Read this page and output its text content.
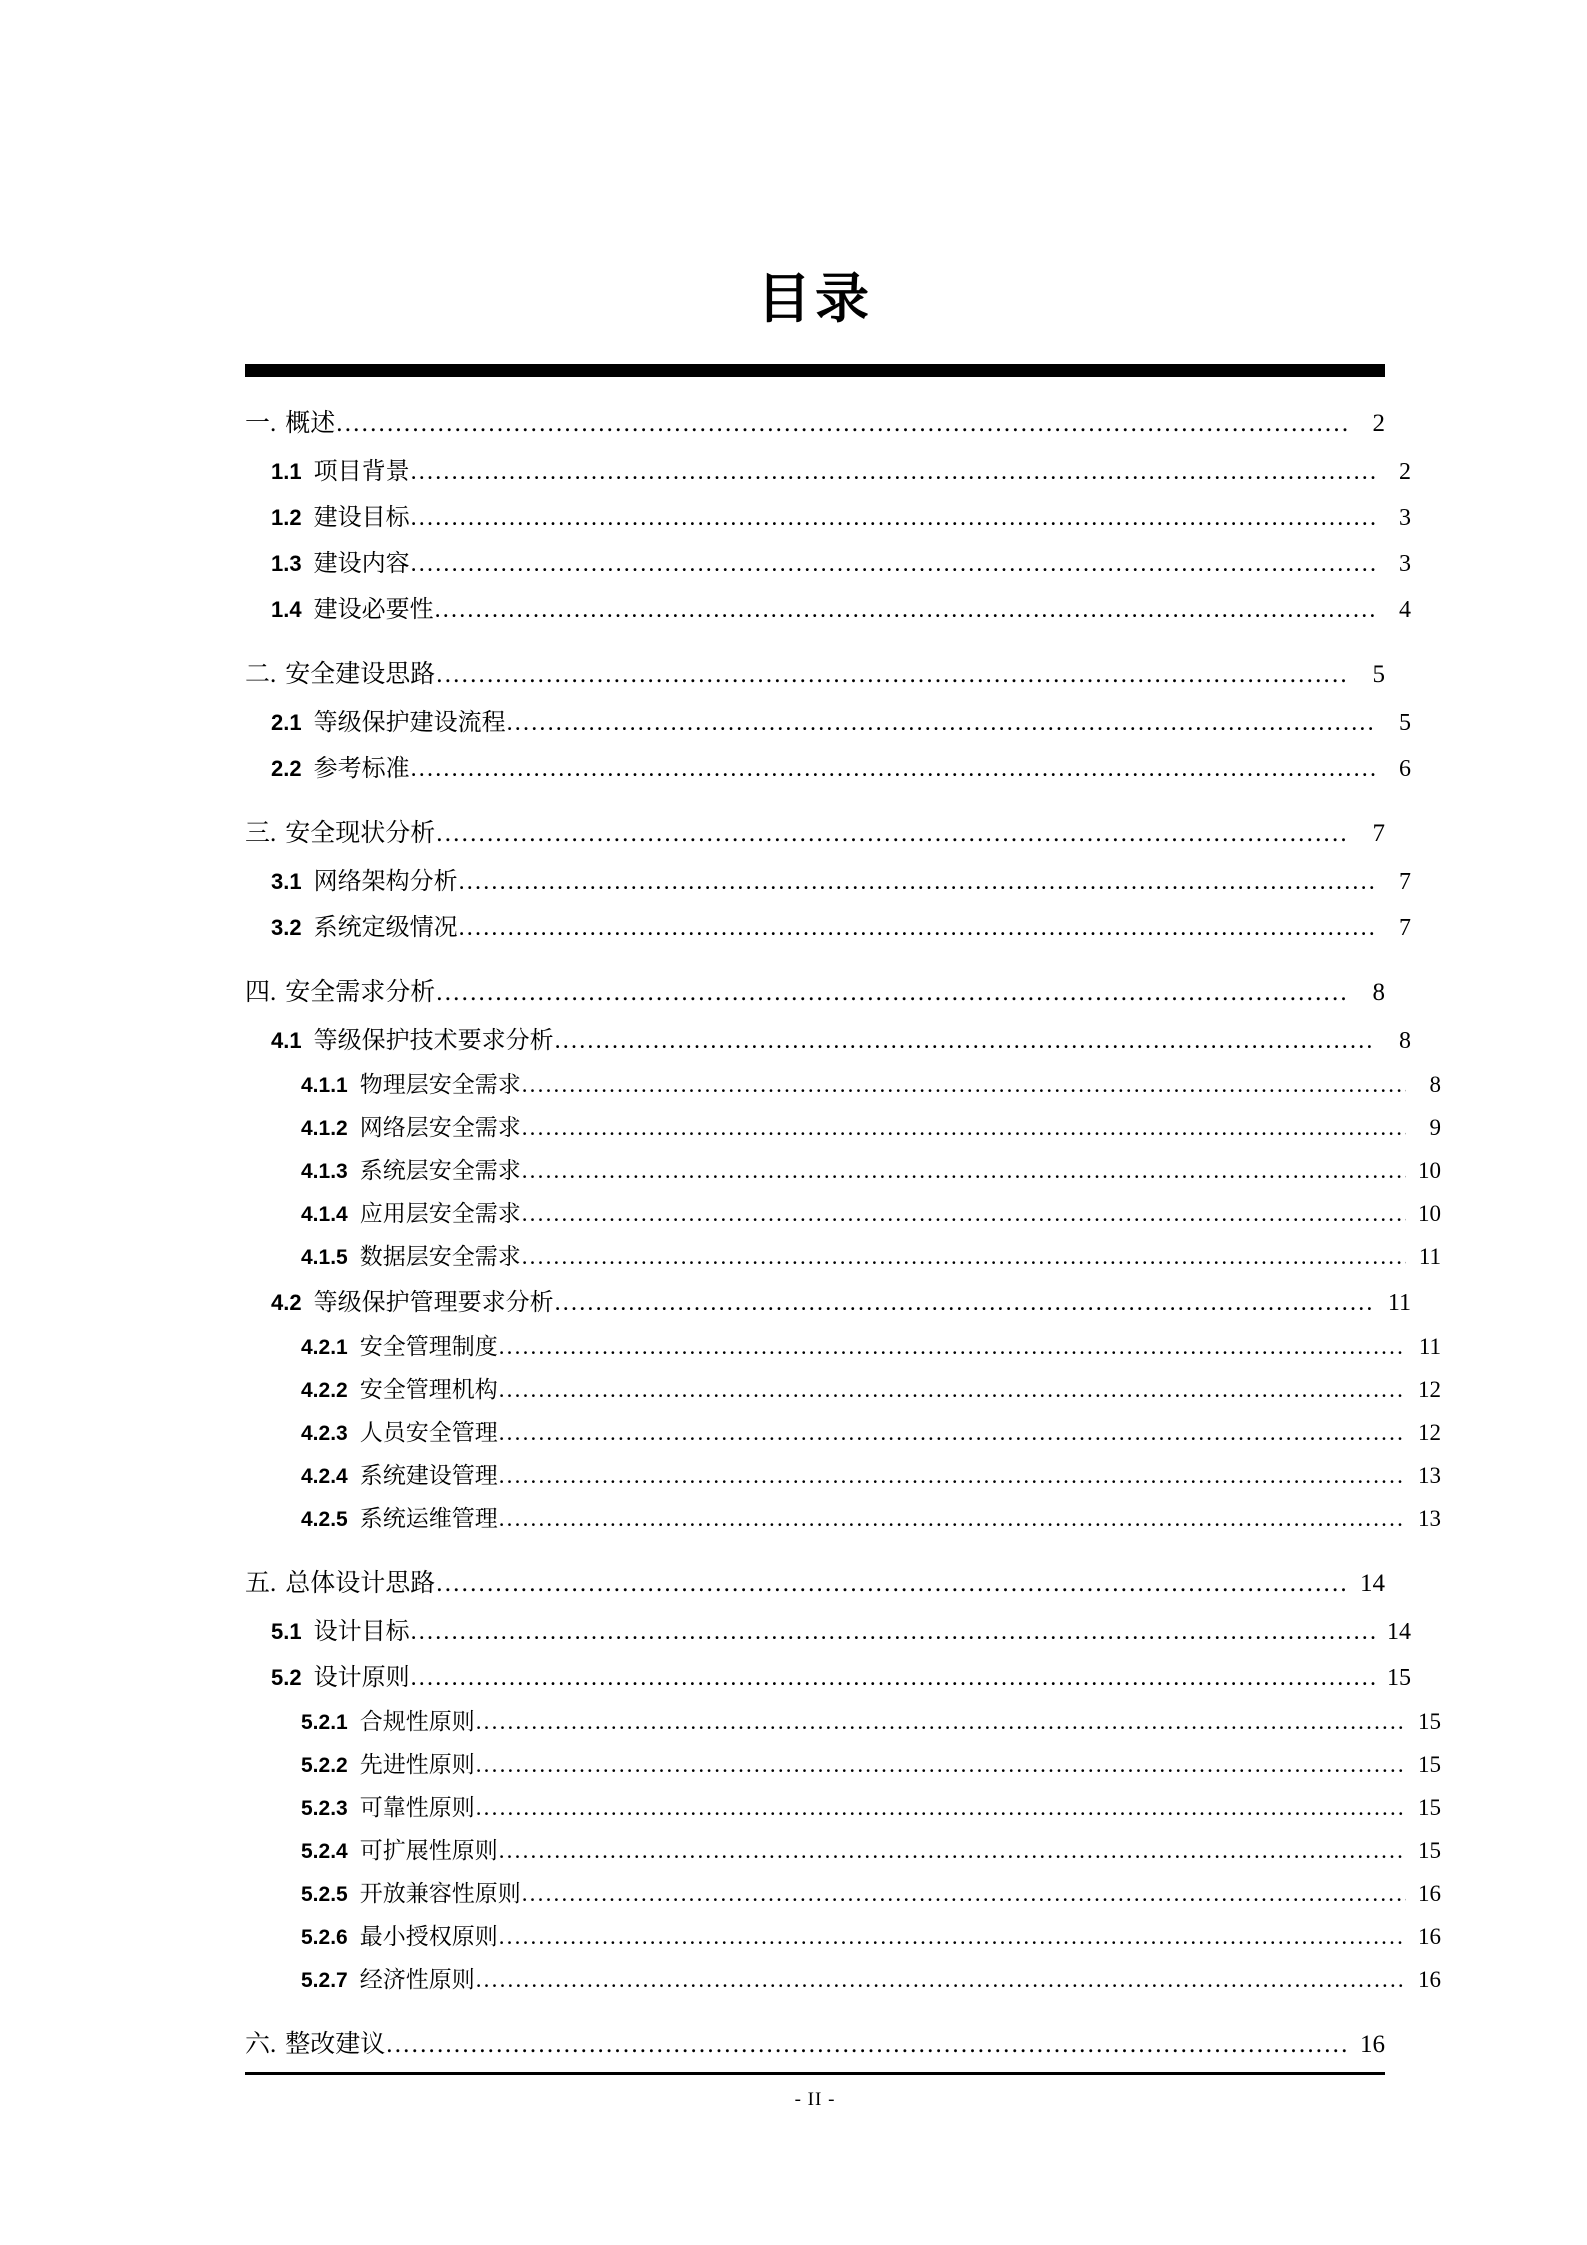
目录
一. 概述 .....	2
1.1 项目背景 .....	2
1.2 建设目标 .....	3
1.3 建设内容 .....	3
1.4 建设必要性 .....	4
二. 安全建设思路 .....	5
2.1 等级保护建设流程 .....	5
2.2 参考标准 .....	6
三. 安全现状分析 .....	7
3.1 网络架构分析 .....	7
3.2 系统定级情况 .....	7
四. 安全需求分析 .....	8
4.1 等级保护技术要求分析 .....	8
4.1.1 物理层安全需求 .....	8
4.1.2 网络层安全需求 .....	9
4.1.3 系统层安全需求 .....	10
4.1.4 应用层安全需求 .....	10
4.1.5 数据层安全需求 .....	11
4.2 等级保护管理要求分析 .....	11
4.2.1 安全管理制度 .....	11
4.2.2 安全管理机构 .....	12
4.2.3 人员安全管理 .....	12
4.2.4 系统建设管理 .....	13
4.2.5 系统运维管理 .....	13
五. 总体设计思路 .....	14
5.1 设计目标 .....	14
5.2 设计原则 .....	15
5.2.1 合规性原则 .....	15
5.2.2 先进性原则 .....	15
5.2.3 可靠性原则 .....	15
5.2.4 可扩展性原则 .....	15
5.2.5 开放兼容性原则 .....	16
5.2.6 最小授权原则 .....	16
5.2.7 经济性原则 .....	16
六. 整改建议 .....	16
- II -
